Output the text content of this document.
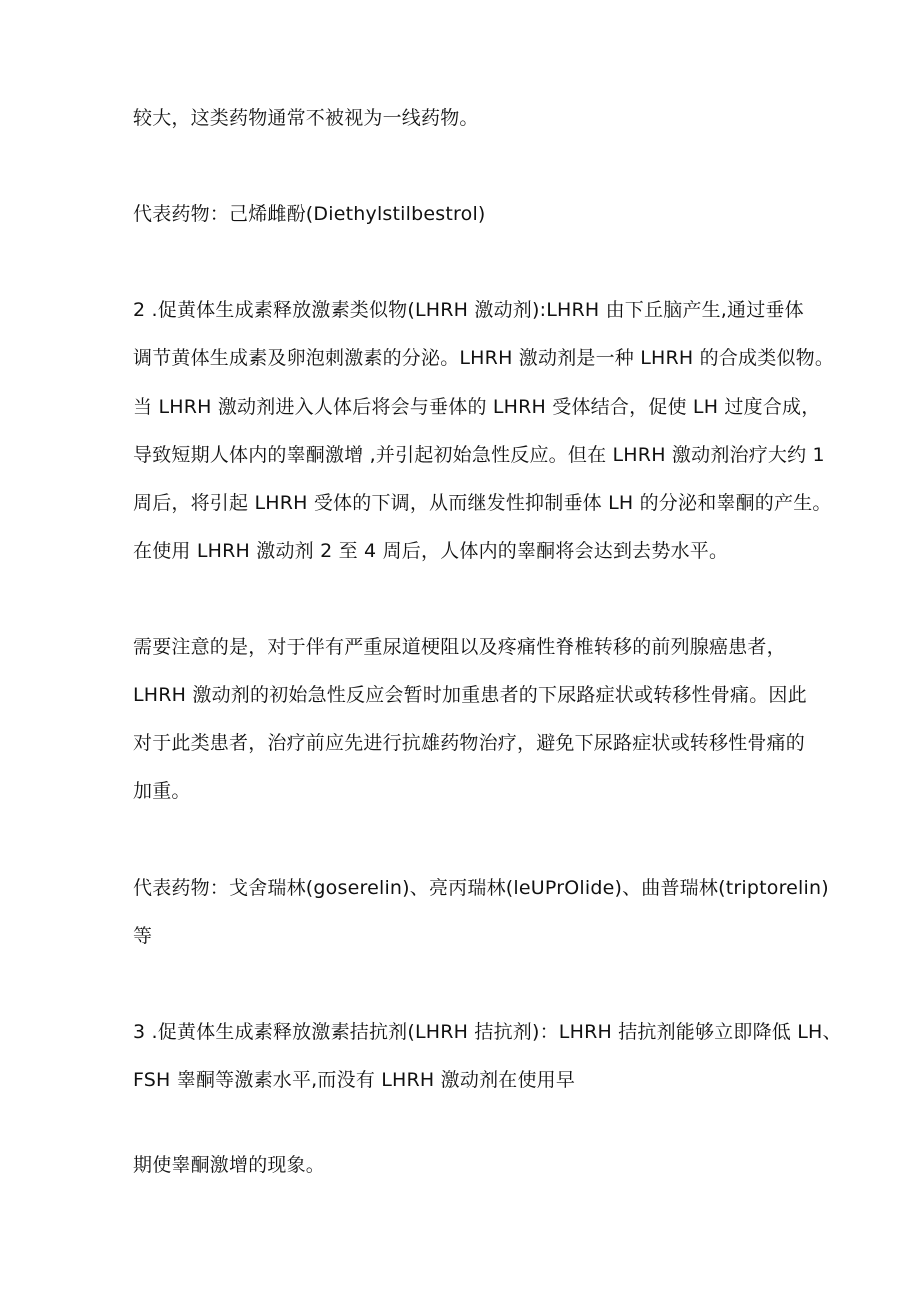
较大，这类药物通常不被视为一线药物。
代表药物：己烯雌酚(Diethylstilbestrol)
2 .促黄体生成素释放激素类似物(LHRH 激动剂):LHRH 由下丘脑产生,通过垂体
调节黄体生成素及卵泡刺激素的分泌。LHRH 激动剂是一种 LHRH 的合成类似物。
当 LHRH 激动剂进入人体后将会与垂体的 LHRH 受体结合，促使 LH 过度合成，
导致短期人体内的睾酮激增 ,并引起初始急性反应。但在 LHRH 激动剂治疗大约 1
周后，将引起 LHRH 受体的下调，从而继发性抑制垂体 LH 的分泌和睾酮的产生。
在使用 LHRH 激动剂 2 至 4 周后，人体内的睾酮将会达到去势水平。
需要注意的是，对于伴有严重尿道梗阻以及疼痛性脊椎转移的前列腺癌患者，
LHRH 激动剂的初始急性反应会暂时加重患者的下尿路症状或转移性骨痛。因此
对于此类患者，治疗前应先进行抗雄药物治疗，避免下尿路症状或转移性骨痛的
加重。
代表药物：戈舍瑞林(goserelin)、亮丙瑞林(leUPrOlide)、曲普瑞林(triptorelin)
等
3 .促黄体生成素释放激素拮抗剂(LHRH 拮抗剂)：LHRH 拮抗剂能够立即降低 LH、
FSH 睾酮等激素水平,而没有 LHRH 激动剂在使用早
期使睾酮激增的现象。
